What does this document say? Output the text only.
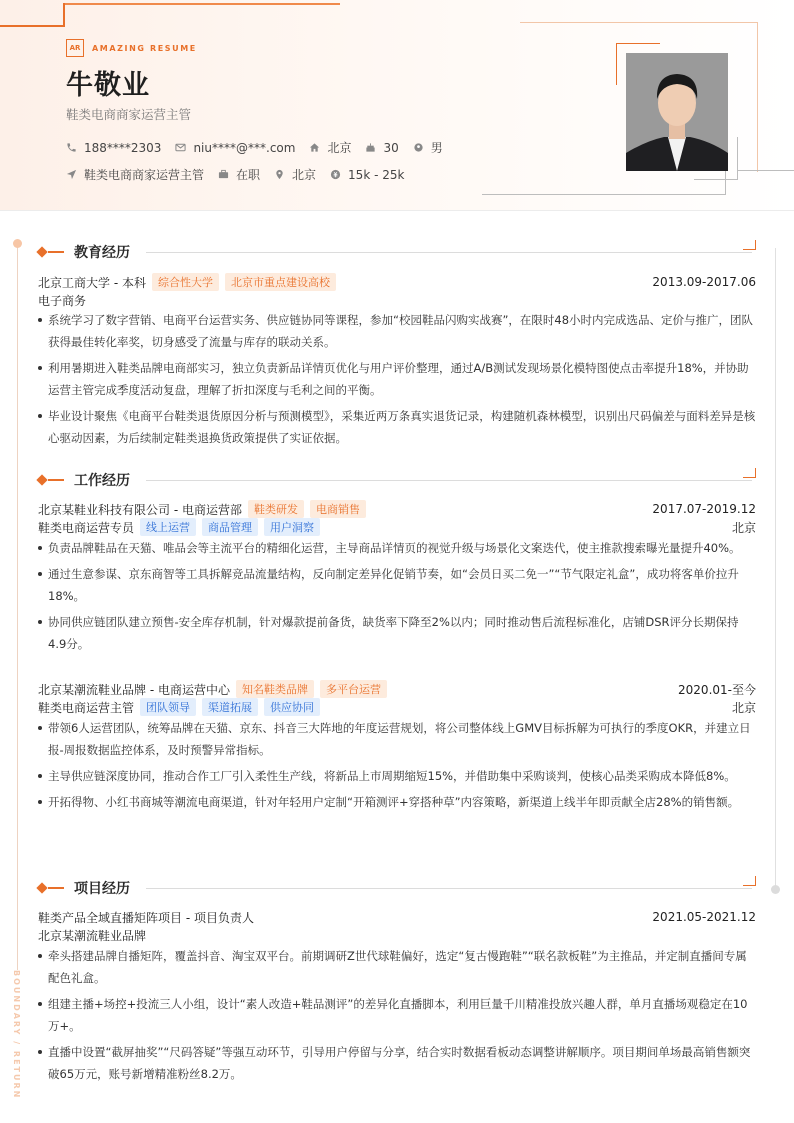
AR	AMAZING RESUME
牛敬业
鞋类电商商家运营主管
188****2303	niu****@***.com	北京	30	男
鞋类电商商家运营主管	在职	北京	15k - 25k
BOUNDARY / RETURN
教育经历
北京工商大学 - 本科	综合性大学	北京市重点建设高校	2013.09-2017.06
电子商务
系统学习了数字营销、电商平台运营实务、供应链协同等课程，参加“校园鞋品闪购实战赛”，在限时48小时内完成选品、定价与推广，团队获得最佳转化率奖，切身感受了流量与库存的联动关系。
利用暑期进入鞋类品牌电商部实习，独立负责新品详情页优化与用户评价整理，通过A/B测试发现场景化模特图使点击率提升18%，并协助运营主管完成季度活动复盘，理解了折扣深度与毛利之间的平衡。
毕业设计聚焦《电商平台鞋类退货原因分析与预测模型》，采集近两万条真实退货记录，构建随机森林模型，识别出尺码偏差与面料差异是核心驱动因素，为后续制定鞋类退换货政策提供了实证依据。
工作经历
北京某鞋业科技有限公司 - 电商运营部	鞋类研发	电商销售	2017.07-2019.12
鞋类电商运营专员	线上运营	商品管理	用户洞察	北京
负责品牌鞋品在天猫、唯品会等主流平台的精细化运营，主导商品详情页的视觉升级与场景化文案迭代，使主推款搜索曝光量提升40%。
通过生意参谋、京东商智等工具拆解竞品流量结构，反向制定差异化促销节奏，如“会员日买二免一”“节气限定礼盒”，成功将客单价拉升18%。
协同供应链团队建立预售-安全库存机制，针对爆款提前备货，缺货率下降至2%以内；同时推动售后流程标准化，店铺DSR评分长期保持4.9分。
北京某潮流鞋业品牌 - 电商运营中心	知名鞋类品牌	多平台运营	2020.01-至今
鞋类电商运营主管	团队领导	渠道拓展	供应协同	北京
带领6人运营团队，统筹品牌在天猫、京东、抖音三大阵地的年度运营规划，将公司整体线上GMV目标拆解为可执行的季度OKR，并建立日报-周报数据监控体系，及时预警异常指标。
主导供应链深度协同，推动合作工厂引入柔性生产线，将新品上市周期缩短15%，并借助集中采购谈判，使核心品类采购成本降低8%。
开拓得物、小红书商城等潮流电商渠道，针对年轻用户定制“开箱测评+穿搭种草”内容策略，新渠道上线半年即贡献全店28%的销售额。
项目经历
鞋类产品全域直播矩阵项目 - 项目负责人	2021.05-2021.12
北京某潮流鞋业品牌
牵头搭建品牌自播矩阵，覆盖抖音、淘宝双平台。前期调研Z世代球鞋偏好，选定“复古慢跑鞋”“联名款板鞋”为主推品，并定制直播间专属配色礼盒。
组建主播+场控+投流三人小组，设计“素人改造+鞋品测评”的差异化直播脚本，利用巨量千川精准投放兴趣人群，单月直播场观稳定在10万+。
直播中设置“截屏抽奖”“尺码答疑”等强互动环节，引导用户停留与分享，结合实时数据看板动态调整讲解顺序。项目期间单场最高销售额突破65万元，账号新增精准粉丝8.2万。
